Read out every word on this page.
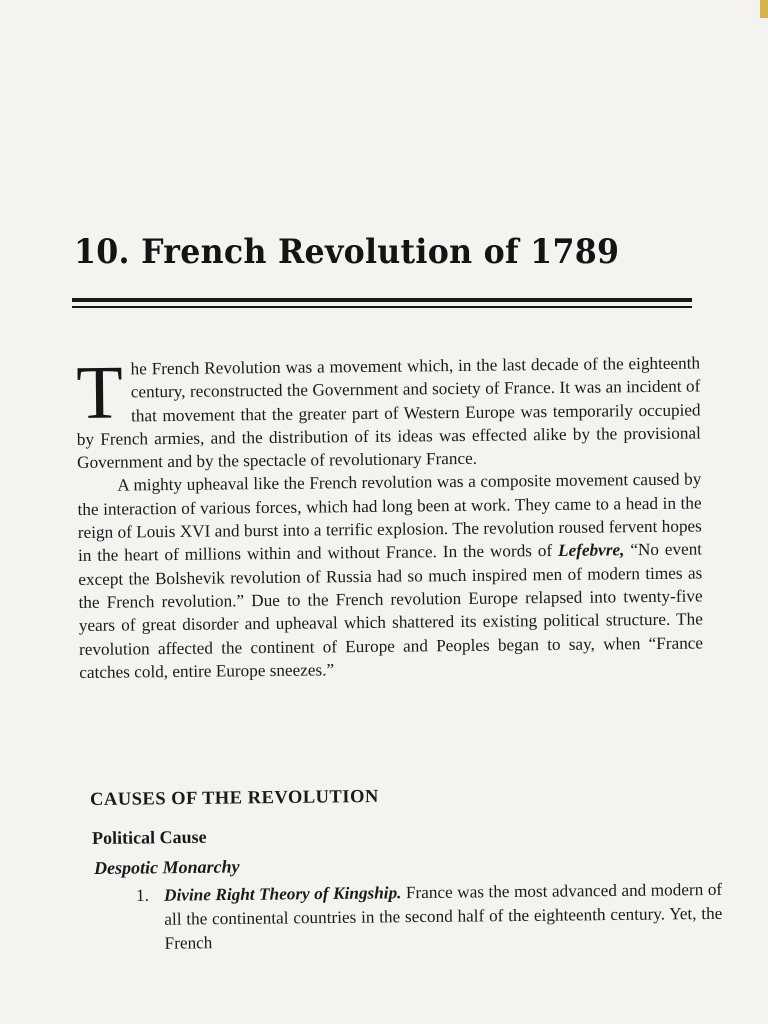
10. French Revolution of 1789

The French Revolution was a movement which, in the last decade of the eighteenth century, reconstructed the Government and society of France. It was an incident of that movement that the greater part of Western Europe was temporarily occupied by French armies, and the distribution of its ideas was effected alike by the provisional Government and by the spectacle of revolutionary France.

A mighty upheaval like the French revolution was a composite movement caused by the interaction of various forces, which had long been at work. They came to a head in the reign of Louis XVI and burst into a terrific explosion. The revolution roused fervent hopes in the heart of millions within and without France. In the words of Lefebvre, “No event except the Bolshevik revolution of Russia had so much inspired men of modern times as the French revolution.” Due to the French revolution Europe relapsed into twenty-five years of great disorder and upheaval which shattered its existing political structure. The revolution affected the continent of Europe and Peoples began to say, when “France catches cold, entire Europe sneezes.”

CAUSES OF THE REVOLUTION
Political Cause
Despotic Monarchy
1. Divine Right Theory of Kingship. France was the most advanced and modern of all the continental countries in the second half of the eighteenth century. Yet, the French
